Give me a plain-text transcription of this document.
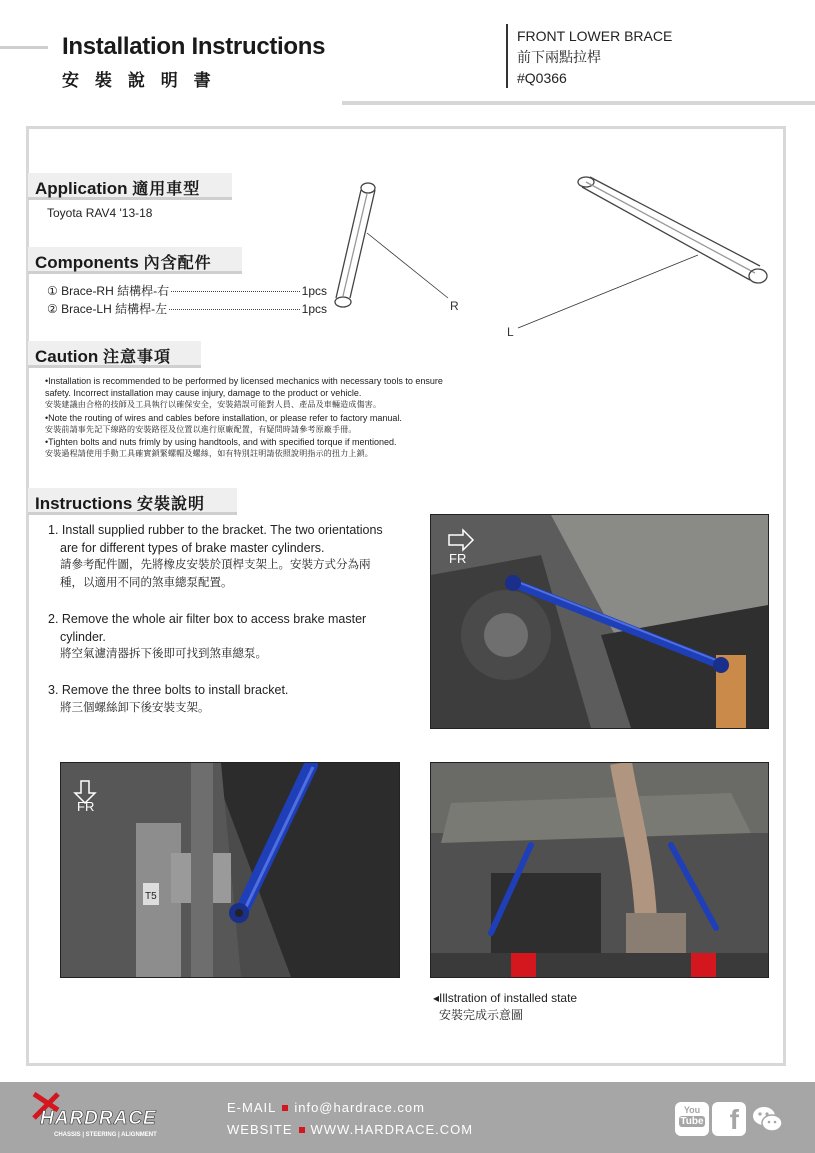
Installation Instructions
安 裝 說 明 書
FRONT LOWER BRACE
前下兩點拉桿
#Q0366
Application 適用車型
Toyota RAV4 '13-18
Components 內含配件
① Brace-RH 結構桿-右	1pcs
② Brace-LH 結構桿-左	1pcs	R
L
Caution 注意事項

•Installation is recommended to be performed by licensed mechanics with necessary tools to ensure safety. Incorrect installation may cause injury, damage to the product or vehicle.

安裝建議由合格的技師及工具執行以確保安全，安裝錯誤可能對人員、產品及車輛造成傷害。

•Note the routing of wires and cables before installation, or please refer to factory manual.

安裝前請事先記下線路的安裝路徑及位置以進行原廠配置，有疑問時請參考原廠手冊。

•Tighten bolts and nuts frimly by using handtools, and with specified torque if mentioned.

安裝過程請使用手動工具確實鎖緊螺帽及螺絲，如有特別註明請依照說明指示的扭力上鎖。

Instructions 安裝說明
1. Install supplied rubber to the bracket. The two orientations
are for different types of brake master cylinders.
請參考配件圖，先將橡皮安裝於頂桿支架上。安裝方式分為兩
種，以適用不同的煞車總泵配置。
2. Remove the whole air filter box to access brake master
cylinder.
將空氣濾清器拆下後即可找到煞車總泵。
3. Remove the three bolts to install bracket.
將三個螺絲卸下後安裝支架。
FR
T5
FR
◂Illstration of installed state
安裝完成示意圖
HARDRACE
CHASSIS | STEERING | ALIGNMENT
E-MAIL info@hardrace.com
WEBSITE WWW.HARDRACE.COM
You
Tube f
